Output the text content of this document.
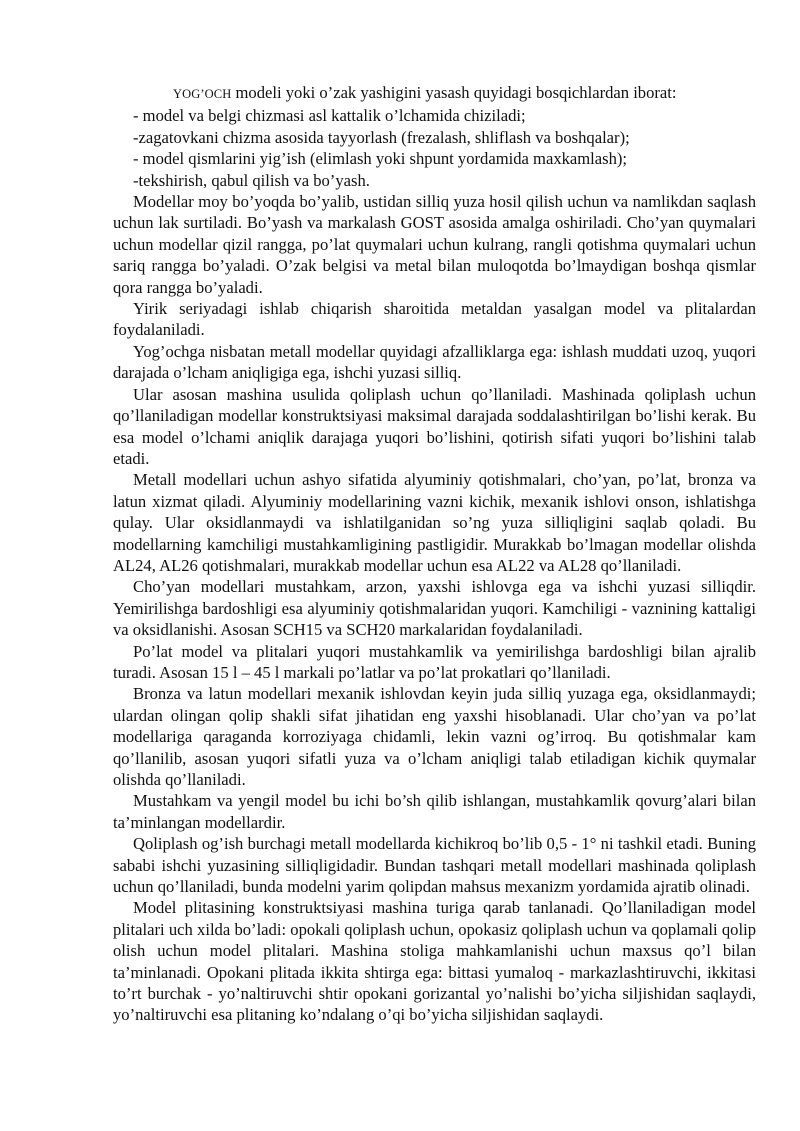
YOG’OCH modeli yoki o’zak yashigini yasash quyidagi bosqichlardan iborat:

- model va belgi chizmasi asl kattalik o’lchamida chiziladi;

-zagatovkani chizma asosida tayyorlash (frezalash, shliflash va boshqalar);

- model qismlarini yig’ish (elimlash yoki shpunt yordamida maxkamlash);

-tekshirish, qabul qilish va bo’yash.

Modellar moy bo’yoqda bo’yalib, ustidan silliq yuza hosil qilish uchun va namlikdan saqlash uchun lak surtiladi. Bo’yash va markalash GOST asosida amalga oshiriladi. Cho’yan quymalari uchun modellar qizil rangga, po’lat quymalari uchun kulrang, rangli qotishma quymalari uchun sariq rangga bo’yaladi. O’zak belgisi va metal bilan muloqotda bo’lmaydigan boshqa qismlar qora rangga bo’yaladi.

Yirik seriyadagi ishlab chiqarish sharoitida metaldan yasalgan model va plitalardan foydalaniladi.

Yog’ochga nisbatan metall modellar quyidagi afzalliklarga ega: ishlash muddati uzoq, yuqori darajada o’lcham aniqligiga ega, ishchi yuzasi silliq.

Ular asosan mashina usulida qoliplash uchun qo’llaniladi. Mashinada qoliplash uchun qo’llaniladigan modellar konstruktsiyasi maksimal darajada soddalashtirilgan bo’lishi kerak. Bu esa model o’lchami aniqlik darajaga yuqori bo’lishini, qotirish sifati yuqori bo’lishini talab etadi.

Metall modellari uchun ashyo sifatida alyuminiy qotishmalari, cho’yan, po’lat, bronza va latun xizmat qiladi. Alyuminiy modellarining vazni kichik, mexanik ishlovi onson, ishlatishga qulay. Ular oksidlanmaydi va ishlatilganidan so’ng yuza silliqligini saqlab qoladi. Bu modellarning kamchiligi mustahkamligining pastligidir. Murakkab bo’lmagan modellar olishda AL24, AL26 qotishmalari, murakkab modellar uchun esa AL22 va AL28 qo’llaniladi.

Cho’yan modellari mustahkam, arzon, yaxshi ishlovga ega va ishchi yuzasi silliqdir. Yemirilishga bardoshligi esa alyuminiy qotishmalaridan yuqori. Kamchiligi - vaznining kattaligi va oksidlanishi. Asosan SCH15 va SCH20 markalaridan foydalaniladi.

Po’lat model va plitalari yuqori mustahkamlik va yemirilishga bardoshligi bilan ajralib turadi. Asosan 15 l – 45 l markali po’latlar va po’lat prokatlari qo’llaniladi.

Bronza va latun modellari mexanik ishlovdan keyin juda silliq yuzaga ega, oksidlanmaydi; ulardan olingan qolip shakli sifat jihatidan eng yaxshi hisoblanadi. Ular cho’yan va po’lat modellariga qaraganda korroziyaga chidamli, lekin vazni og’irroq. Bu qotishmalar kam qo’llanilib, asosan yuqori sifatli yuza va o’lcham aniqligi talab etiladigan kichik quymalar olishda qo’llaniladi.

Mustahkam va yengil model bu ichi bo’sh qilib ishlangan, mustahkamlik qovurg’alari bilan ta’minlangan modellardir.

Qoliplash og’ish burchagi metall modellarda kichikroq bo’lib 0,5 - 1° ni tashkil etadi. Buning sababi ishchi yuzasining silliqligidadir. Bundan tashqari metall modellari mashinada qoliplash uchun qo’llaniladi, bunda modelni yarim qolipdan mahsus mexanizm yordamida ajratib olinadi.

Model plitasining konstruktsiyasi mashina turiga qarab tanlanadi. Qo’llaniladigan model plitalari uch xilda bo’ladi: opokali qoliplash uchun, opokasiz qoliplash uchun va qoplamali qolip olish uchun model plitalari. Mashina stoliga mahkamlanishi uchun maxsus qo’l bilan ta’minlanadi. Opokani plitada ikkita shtirga ega: bittasi yumaloq - markazlashtiruvchi, ikkitasi to’rt burchak - yo’naltiruvchi shtir opokani gorizantal yo’nalishi bo’yicha siljishidan saqlaydi, yo’naltiruvchi esa plitaning ko’ndalang o’qi bo’yicha siljishidan saqlaydi.
